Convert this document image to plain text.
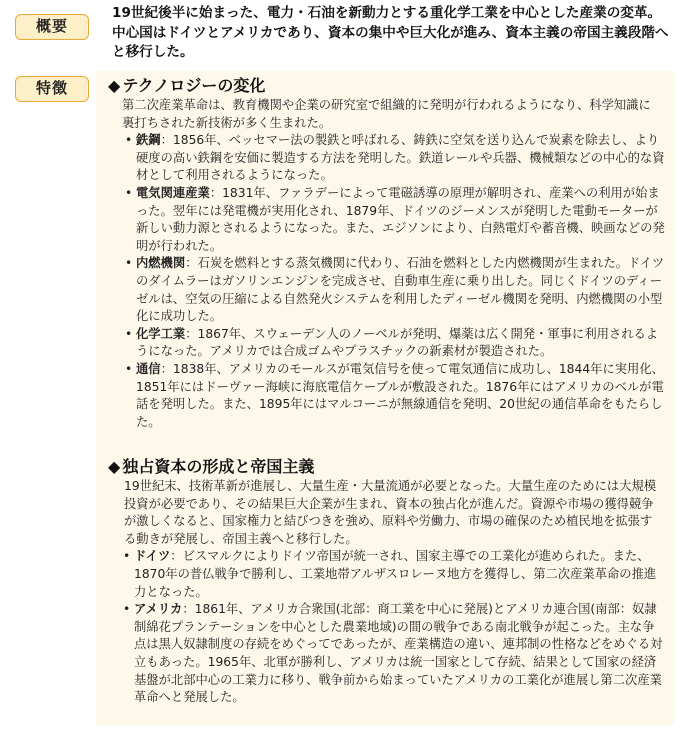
概要
19世紀後半に始まった、電力・石油を新動力とする重化学工業を中心とした産業の変革。中心国はドイツとアメリカであり、資本の集中や巨大化が進み、資本主義の帝国主義段階へと移行した。
特徴	◆ テクノロジーの変化

第二次産業革命は、教育機関や企業の研究室で組織的に発明が行われるようになり、科学知識に裏打ちされた新技術が多く生まれた。

• 鉄鋼：1856年、ベッセマー法の製鉄と呼ばれる、鋳鉄に空気を送り込んで炭素を除去し、より硬度の高い鉄鋼を安価に製造する方法を発明した。鉄道レールや兵器、機械類などの中心的な資材として利用されるようになった。
• 電気関連産業：1831年、ファラデーによって電磁誘導の原理が解明され、産業への利用が始まった。翌年には発電機が実用化され、1879年、ドイツのジーメンスが発明した電動モーターが新しい動力源とされるようになった。また、エジソンにより、白熱電灯や蓄音機、映画などの発明が行われた。
• 内燃機関：石炭を燃料とする蒸気機関に代わり、石油を燃料とした内燃機関が生まれた。ドイツのダイムラーはガソリンエンジンを完成させ、自動車生産に乗り出した。同じくドイツのディーゼルは、空気の圧縮による自然発火システムを利用したディーゼル機関を発明、内燃機関の小型化に成功した。
• 化学工業：1867年、スウェーデン人のノーベルが発明、爆薬は広く開発・軍事に利用されるようになった。アメリカでは合成ゴムやプラスチックの新素材が製造された。
• 通信：1838年、アメリカのモールスが電気信号を使って電気通信に成功し、1844年に実用化、1851年にはドーヴァー海峡に海底電信ケーブルが敷設された。1876年にはアメリカのベルが電話を発明した。また、1895年にはマルコーニが無線通信を発明、20世紀の通信革命をもたらした。
◆ 独占資本の形成と帝国主義

19世紀末、技術革新が進展し、大量生産・大量流通が必要となった。大量生産のためには大規模投資が必要であり、その結果巨大企業が生まれ、資本の独占化が進んだ。資源や市場の獲得競争が激しくなると、国家権力と結びつきを強め、原料や労働力、市場の確保のため植民地を拡張する動きが発展し、帝国主義へと移行した。

• ドイツ：ビスマルクによりドイツ帝国が統一され、国家主導での工業化が進められた。また、1870年の普仏戦争で勝利し、工業地帯アルザスロレーヌ地方を獲得し、第二次産業革命の推進力となった。
• アメリカ：1861年、アメリカ合衆国(北部：商工業を中心に発展)とアメリカ連合国(南部：奴隷制綿花プランテーションを中心とした農業地域)の間の戦争である南北戦争が起こった。主な争点は黒人奴隷制度の存続をめぐってであったが、産業構造の違い、連邦制の性格などをめぐる対立もあった。1965年、北軍が勝利し、アメリカは統一国家として存続、結果として国家の経済基盤が北部中心の工業力に移り、戦争前から始まっていたアメリカの工業化が進展し第二次産業革命へと発展した。
